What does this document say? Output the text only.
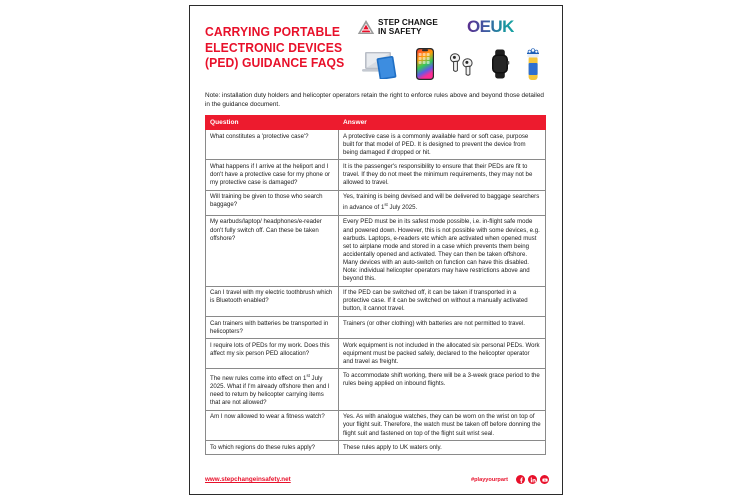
CARRYING PORTABLE
ELECTRONIC DEVICES
(PED) GUIDANCE FAQS
STEP CHANGE
IN SAFETY	OEUK
Note: installation duty holders and helicopter operators retain the right to enforce rules above and beyond those detailed in the guidance document.
Question	Answer
What constitutes a 'protective case'?	A protective case is a commonly available hard or soft case, purpose built for that model of PED. It is designed to prevent the device from being damaged if dropped or hit.
What happens if I arrive at the heliport and I don't have a protective case for my phone or my protective case is damaged?	It is the passenger's responsibility to ensure that their PEDs are fit to travel. If they do not meet the minimum requirements, they may not be allowed to travel.
Will training be given to those who search baggage?	Yes, training is being devised and will be delivered to baggage searchers in advance of 1st July 2025.
My earbuds/laptop/ headphones/e-reader don't fully switch off. Can these be taken offshore?	Every PED must be in its safest mode possible, i.e. in-flight safe mode and powered down. However, this is not possible with some devices, e.g. earbuds. Laptops, e-readers etc which are activated when opened must set to airplane mode and stored in a case which prevents them being accidentally opened and activated. They can then be taken offshore. Many devices with an auto-switch on function can have this disabled.
Note: individual helicopter operators may have restrictions above and beyond this.
Can I travel with my electric toothbrush which is Bluetooth enabled?	If the PED can be switched off, it can be taken if transported in a protective case. If it can be switched on without a manually activated button, it cannot travel.
Can trainers with batteries be transported in helicopters?	Trainers (or other clothing) with batteries are not permitted to travel.
I require lots of PEDs for my work. Does this affect my six person PED allocation?	Work equipment is not included in the allocated six personal PEDs. Work equipment must be packed safely, declared to the helicopter operator and travel as freight.
The new rules come into effect on 1st July 2025. What if I'm already offshore then and I need to return by helicopter carrying items that are not allowed?	To accommodate shift working, there will be a 3-week grace period to the rules being applied on inbound flights.
Am I now allowed to wear a fitness watch?	Yes. As with analogue watches, they can be worn on the wrist on top of your flight suit. Therefore, the watch must be taken off before donning the flight suit and fastened on top of the flight suit wrist seal.
To which regions do these rules apply?	These rules apply to UK waters only.
www.stepchangeinsafety.net	#playyourpart
